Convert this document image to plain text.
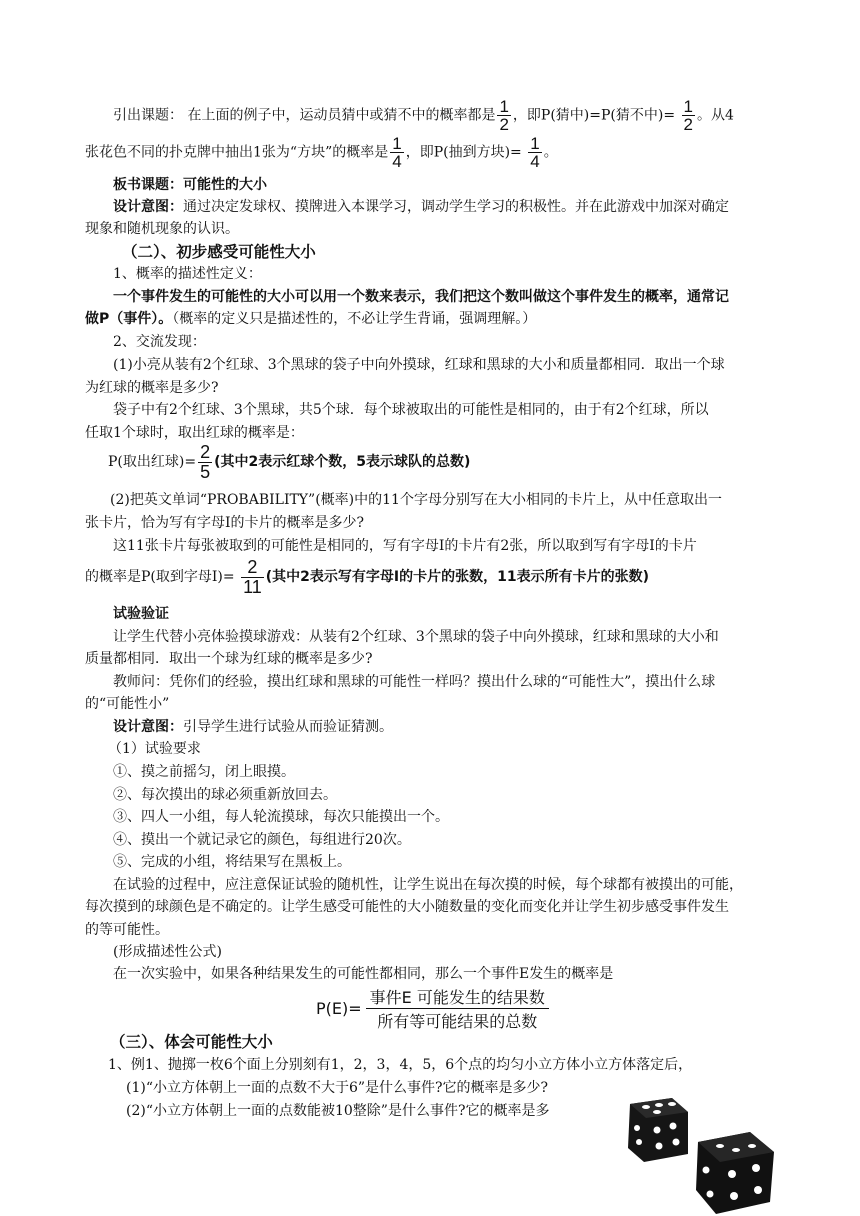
引出课题： 在上面的例子中，运动员猜中或猜不中的概率都是 $\frac{1}{2}$ ，即P(猜中)=P(猜不中)= $\frac{1}{2}$ 。从4
张花色不同的扑克牌中抽出1张为“方块”的概率是 $\frac{1}{4}$ ，即P(抽到方块)= $\frac{1}{4}$ 。
板书课题：可能性的大小
设计意图：通过决定发球权、摸牌进入本课学习，调动学生学习的积极性。并在此游戏中加深对确定
现象和随机现象的认识。
（二）、初步感受可能性大小
1、概率的描述性定义：
一个事件发生的可能性的大小可以用一个数来表示，我们把这个数叫做这个事件发生的概率，通常记
做P（事件）。（概率的定义只是描述性的，不必让学生背诵，强调理解。）
2、交流发现：
(1)小亮从装有2个红球、3个黑球的袋子中向外摸球，红球和黑球的大小和质量都相同．取出一个球
为红球的概率是多少?
袋子中有2个红球、3个黑球，共5个球．每个球被取出的可能性是相同的，由于有2个红球，所以
任取1个球时，取出红球的概率是：
P(取出红球)= $\frac{2}{5}$ (其中2表示红球个数，5表示球队的总数)
(2)把英文单词“PROBABILITY”(概率)中的11个字母分别写在大小相同的卡片上，从中任意取出一
张卡片，恰为写有字母I的卡片的概率是多少?
这11张卡片每张被取到的可能性是相同的，写有字母I的卡片有2张，所以取到写有字母I的卡片
的概率是P(取到字母$I)= \frac{2}{11}$ (其中2表示写有字母I的卡片的张数，11表示所有卡片的张数)
试验验证
让学生代替小亮体验摸球游戏：从装有2个红球、3个黑球的袋子中向外摸球，红球和黑球的大小和
质量都相同．取出一个球为红球的概率是多少?
教师问：凭你们的经验，摸出红球和黑球的可能性一样吗？摸出什么球的“可能性大”，摸出什么球
的“可能性小”
设计意图：引导学生进行试验从而验证猜测。
（1）试验要求
①、摸之前摇匀，闭上眼摸。
②、每次摸出的球必须重新放回去。
③、四人一小组，每人轮流摸球，每次只能摸出一个。
④、摸出一个就记录它的颜色，每组进行20次。
⑤、完成的小组，将结果写在黑板上。
在试验的过程中，应注意保证试验的随机性，让学生说出在每次摸的时候，每个球都有被摸出的可能，
每次摸到的球颜色是不确定的。让学生感受可能性的大小随数量的变化而变化并让学生初步感受事件发生
的等可能性。
(形成描述性公式)
在一次实验中，如果各种结果发生的可能性都相同，那么一个事件E发生的概率是
P(E)=
事件E 可能发生的结果数
所有等可能结果的总数
（三）、体会可能性大小
1、例1、抛掷一枚6个面上分别刻有1，2，3，4，5，6个点的均匀小立方体小立方体落定后，
(1)“小立方体朝上一面的点数不大于6”是什么事件?它的概率是多少?
(2)“小立方体朝上一面的点数能被10整除”是什么事件?它的概率是多
